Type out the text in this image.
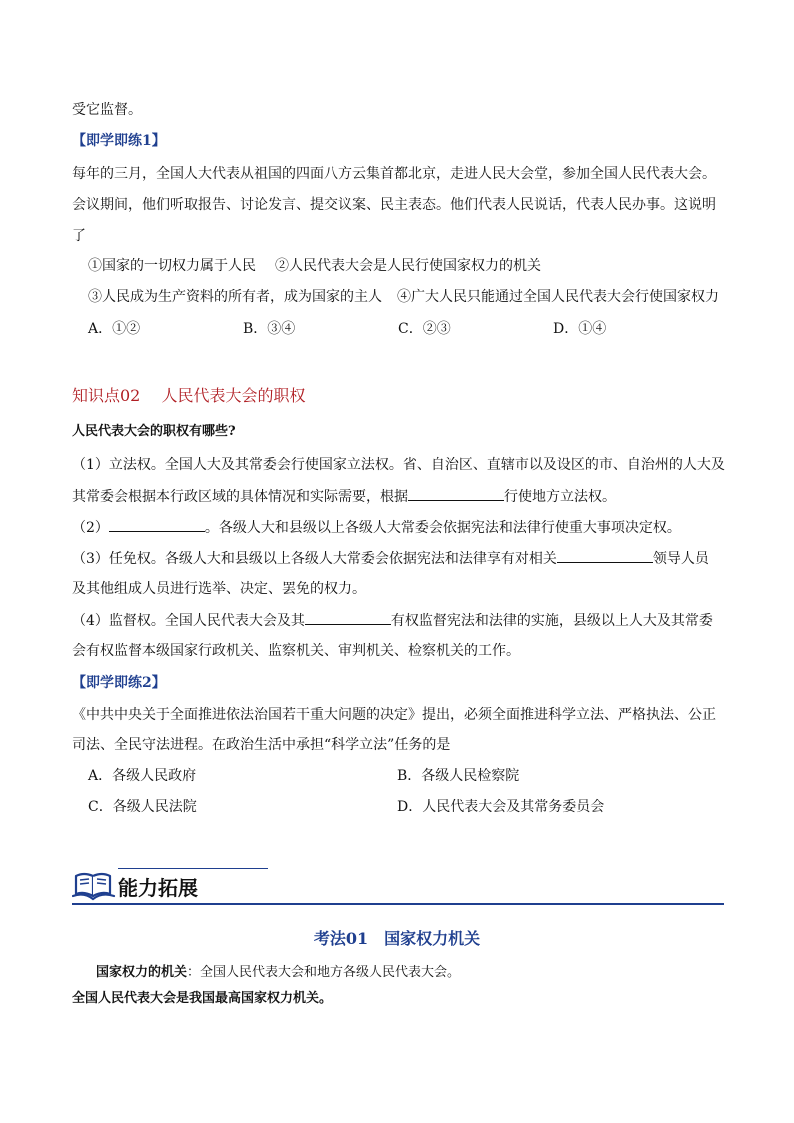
受它监督。
【即学即练1】
每年的三月，全国人大代表从祖国的四面八方云集首都北京，走进人民大会堂，参加全国人民代表大会。
会议期间，他们听取报告、讨论发言、提交议案、民主表态。他们代表人民说话，代表人民办事。这说明
了
①国家的一切权力属于人民 ②人民代表大会是人民行使国家权力的机关
③人民成为生产资料的所有者，成为国家的主人 ④广大人民只能通过全国人民代表大会行使国家权力
A．①②	B．③④	C．②③	D．①④
知识点02　 人民代表大会的职权
人民代表大会的职权有哪些?
（1）立法权。全国人大及其常委会行使国家立法权。省、自治区、直辖市以及设区的市、自治州的人大及
其常委会根据本行政区域的具体情况和实际需要，根据	行使地方立法权。
（2）	。各级人大和县级以上各级人大常委会依据宪法和法律行使重大事项决定权。
（3）任免权。各级人大和县级以上各级人大常委会依据宪法和法律享有对相关	领导人员
及其他组成人员进行选举、决定、罢免的权力。
（4）监督权。全国人民代表大会及其	有权监督宪法和法律的实施，县级以上人大及其常委
会有权监督本级国家行政机关、监察机关、审判机关、检察机关的工作。
【即学即练2】
《中共中央关于全面推进依法治国若干重大问题的决定》提出，必须全面推进科学立法、严格执法、公正
司法、全民守法进程。在政治生活中承担“科学立法”任务的是
A．各级人民政府	B．各级人民检察院
C．各级人民法院	D．人民代表大会及其常务委员会
能力拓展
考法01　国家权力机关
国家权力的机关：全国人民代表大会和地方各级人民代表大会。
全国人民代表大会是我国最高国家权力机关。
